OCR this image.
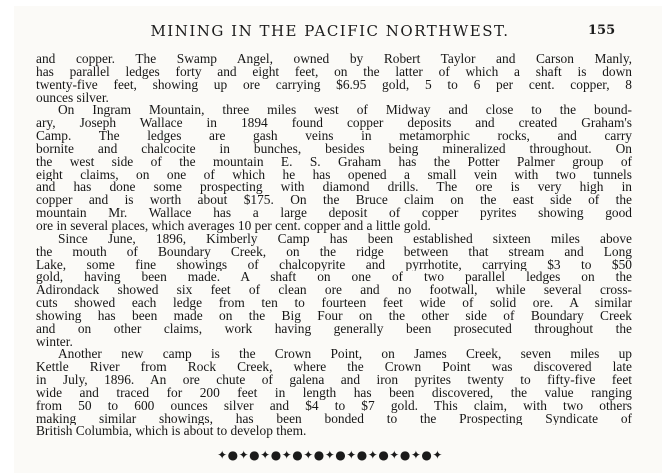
MINING IN THE PACIFIC NORTHWEST.	155
and copper. The Swamp Angel, owned by Robert Taylor and Carson Manly,
has parallel ledges forty and eight feet, on the latter of which a shaft is down
twenty-five feet, showing up ore carrying $6.95 gold, 5 to 6 per cent. copper, 8
ounces silver.
On Ingram Mountain, three miles west of Midway and close to the bound-
ary, Joseph Wallace in 1894 found copper deposits and created Graham's
Camp. The ledges are gash veins in metamorphic rocks, and carry
bornite and chalcocite in bunches, besides being mineralized throughout. On
the west side of the mountain E. S. Graham has the Potter Palmer group of
eight claims, on one of which he has opened a small vein with two tunnels
and has done some prospecting with diamond drills. The ore is very high in
copper and is worth about $175. On the Bruce claim on the east side of the
mountain Mr. Wallace has a large deposit of copper pyrites showing good
ore in several places, which averages 10 per cent. copper and a little gold.
Since June, 1896, Kimberly Camp has been established sixteen miles above
the mouth of Boundary Creek, on the ridge between that stream and Long
Lake, some fine showings of chalcopyrite and pyrrhotite, carrying $3 to $50
gold, having been made. A shaft on one of two parallel ledges on the
Adirondack showed six feet of clean ore and no footwall, while several cross-
cuts showed each ledge from ten to fourteen feet wide of solid ore. A similar
showing has been made on the Big Four on the other side of Boundary Creek
and on other claims, work having generally been prosecuted throughout the
winter.
Another new camp is the Crown Point, on James Creek, seven miles up
Kettle River from Rock Creek, where the Crown Point was discovered late
in July, 1896. An ore chute of galena and iron pyrites twenty to fifty-five feet
wide and traced for 200 feet in length has been discovered, the value ranging
from 50 to 600 ounces silver and $4 to $7 gold. This claim, with two others
making similar showings, has been bonded to the Prospecting Syndicate of
British Columbia, which is about to develop them.
✦●✦●✦●✦●✦●✦●✦●✦●✦●✦●✦
